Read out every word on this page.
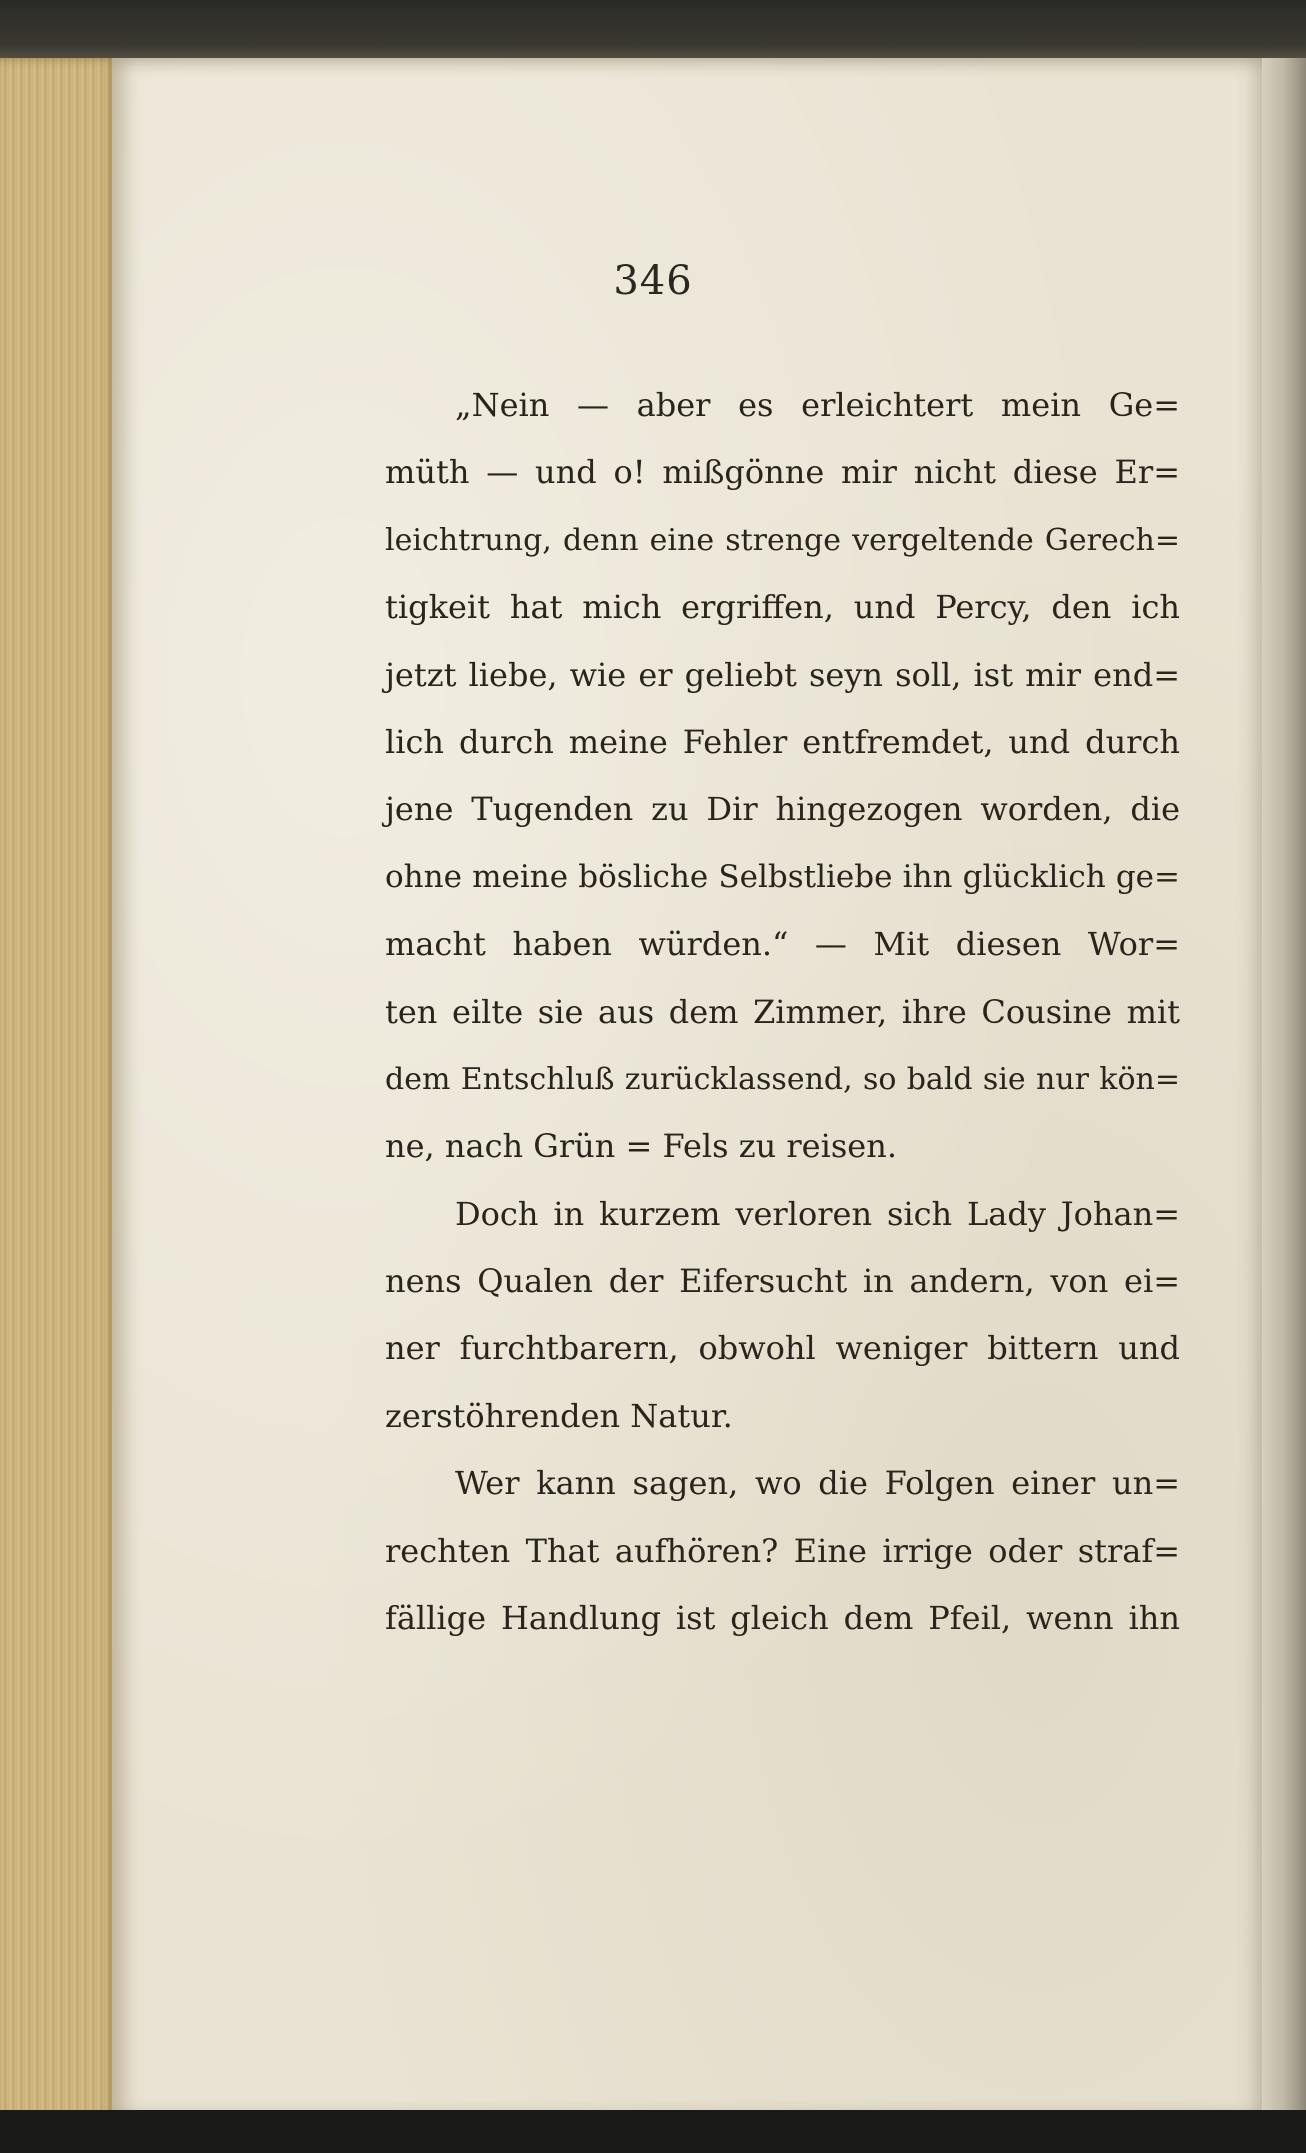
346
„Nein — aber es erleichtert mein Ge=
müth — und o! mißgönne mir nicht diese Er=
leichtrung, denn eine strenge vergeltende Gerech=
tigkeit hat mich ergriffen, und Percy, den ich
jetzt liebe, wie er geliebt seyn soll, ist mir end=
lich durch meine Fehler entfremdet, und durch
jene Tugenden zu Dir hingezogen worden, die
ohne meine bösliche Selbstliebe ihn glücklich ge=
macht haben würden.“ — Mit diesen Wor=
ten eilte sie aus dem Zimmer, ihre Cousine mit
dem Entschluß zurücklassend, so bald sie nur kön=
ne, nach Grün = Fels zu reisen.
Doch in kurzem verloren sich Lady Johan=
nens Qualen der Eifersucht in andern, von ei=
ner furchtbarern, obwohl weniger bittern und
zerstöhrenden Natur.
Wer kann sagen, wo die Folgen einer un=
rechten That aufhören? Eine irrige oder straf=
fällige Handlung ist gleich dem Pfeil, wenn ihn
